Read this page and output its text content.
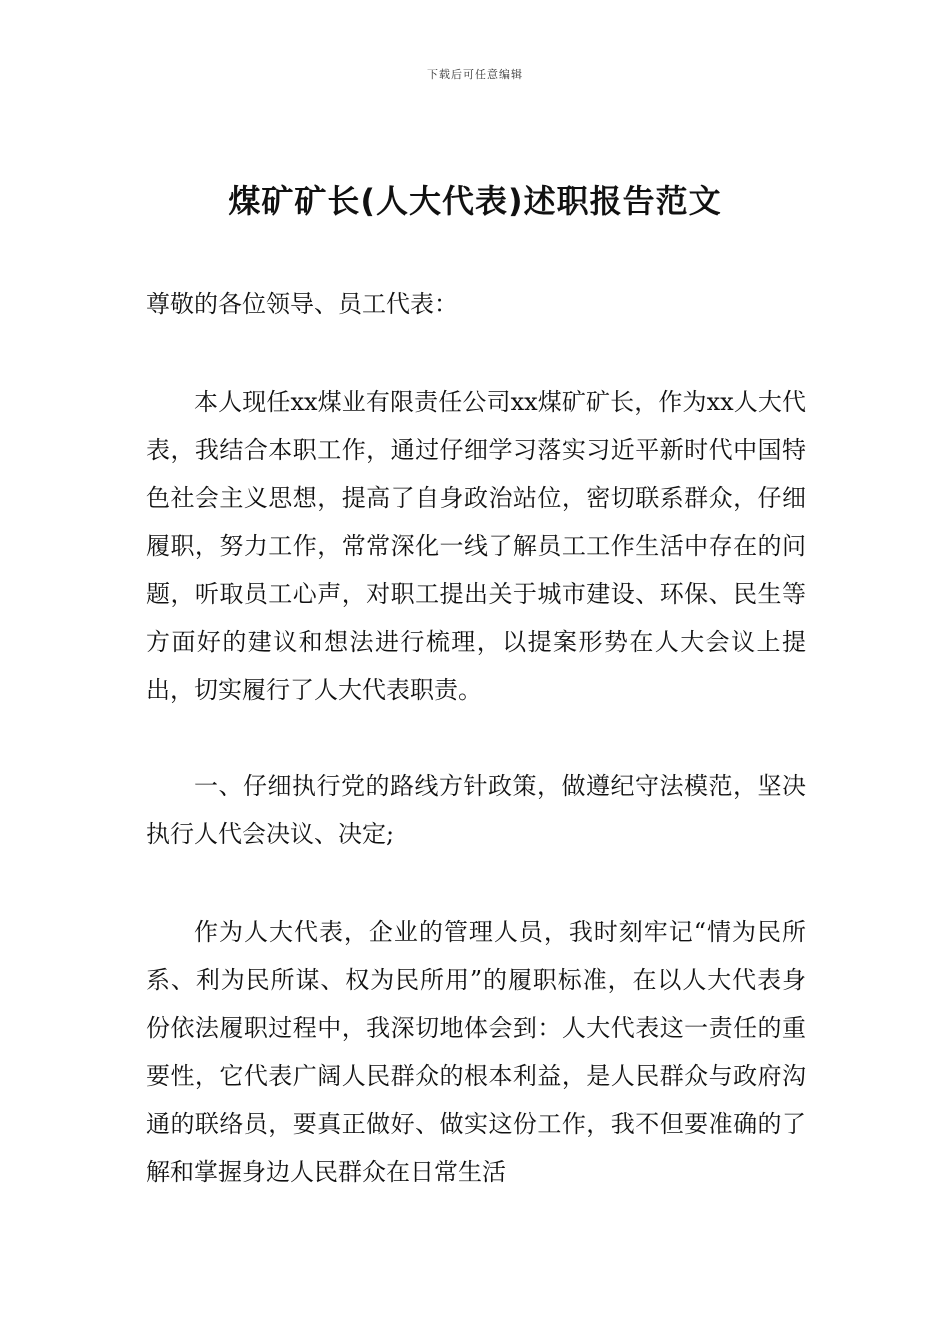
下载后可任意编辑
煤矿矿长(人大代表)述职报告范文

尊敬的各位领导、员工代表：

本人现任xx煤业有限责任公司xx煤矿矿长，作为xx人大代表，我结合本职工作，通过仔细学习落实习近平新时代中国特色社会主义思想，提高了自身政治站位，密切联系群众，仔细履职，努力工作，常常深化一线了解员工工作生活中存在的问题，听取员工心声，对职工提出关于城市建设、环保、民生等方面好的建议和想法进行梳理，以提案形势在人大会议上提出，切实履行了人大代表职责。

一、仔细执行党的路线方针政策，做遵纪守法模范，坚决执行人代会决议、决定;

作为人大代表，企业的管理人员，我时刻牢记“情为民所系、利为民所谋、权为民所用”的履职标准，在以人大代表身份依法履职过程中，我深切地体会到：人大代表这一责任的重要性，它代表广阔人民群众的根本利益，是人民群众与政府沟通的联络员，要真正做好、做实这份工作，我不但要准确的了解和掌握身边人民群众在日常生活
